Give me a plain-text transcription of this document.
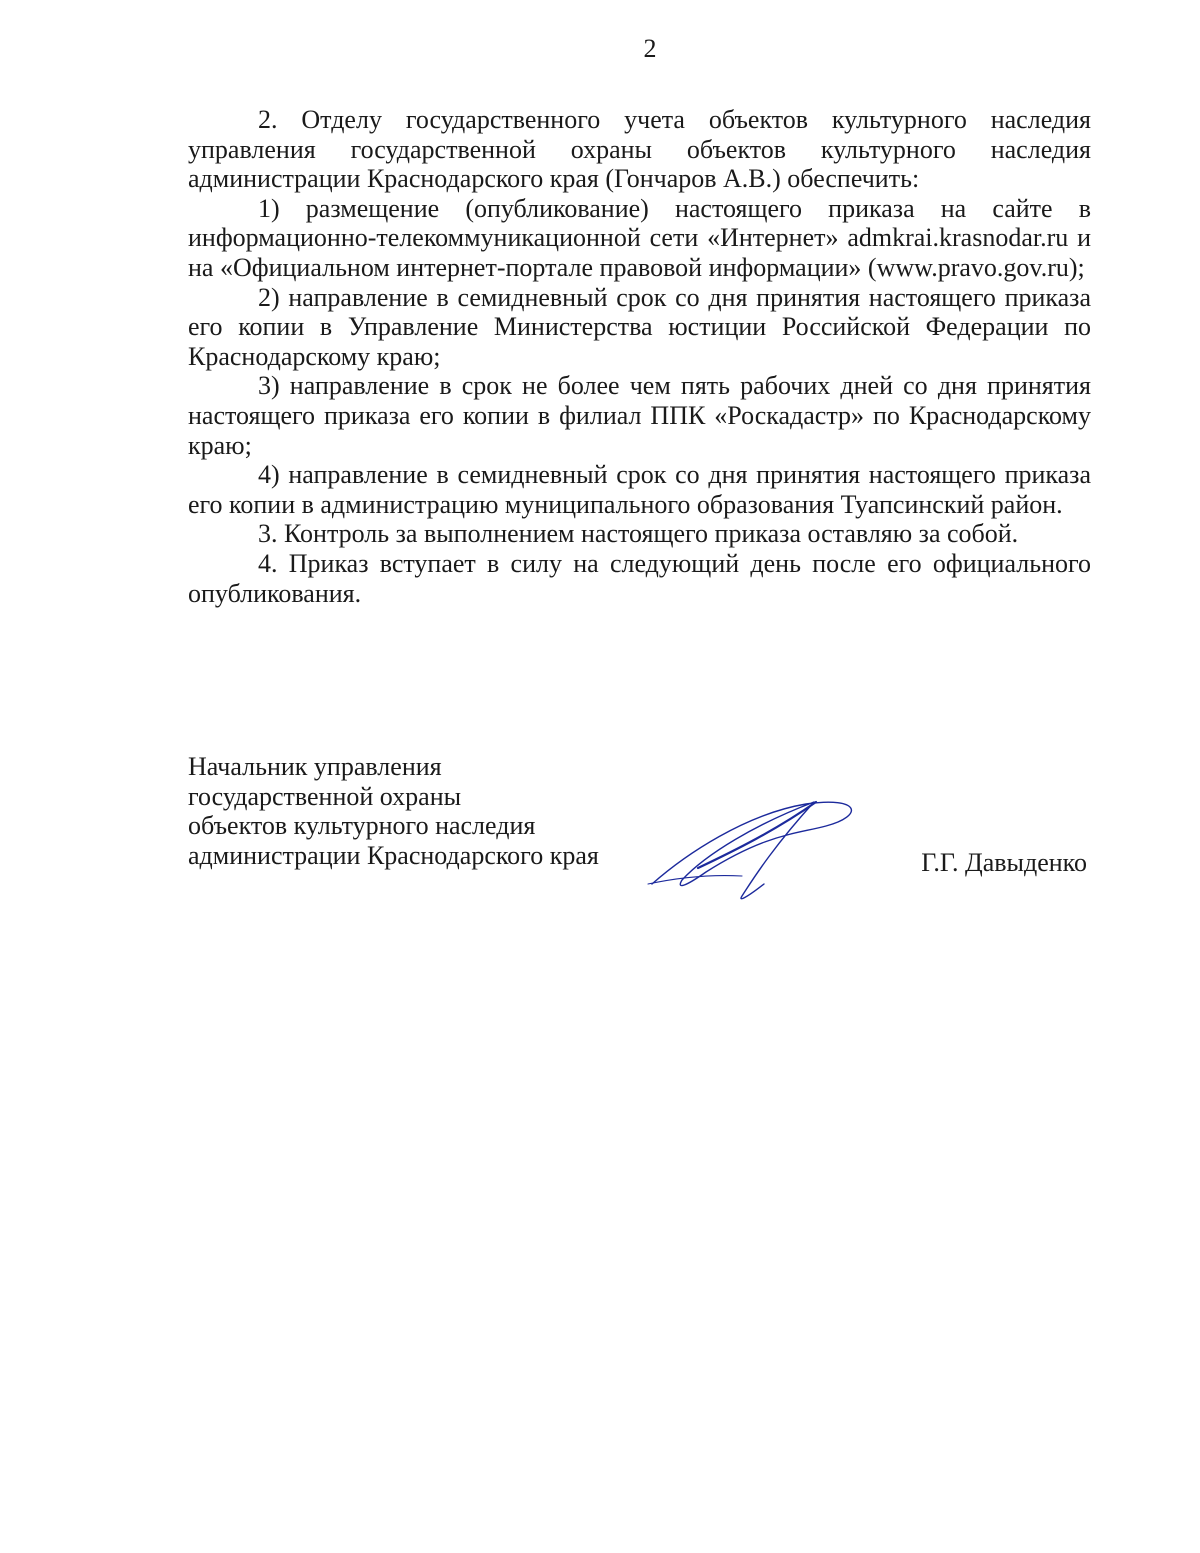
2

2. Отделу государственного учета объектов культурного наследия управления государственной охраны объектов культурного наследия администрации Краснодарского края (Гончаров А.В.) обеспечить:

1) размещение (опубликование) настоящего приказа на сайте в информационно-телекоммуникационной сети «Интернет» admkrai.krasnodar.ru и на «Официальном интернет-портале правовой информации» (www.pravo.gov.ru);

2) направление в семидневный срок со дня принятия настоящего приказа его копии в Управление Министерства юстиции Российской Федерации по Краснодарскому краю;

3) направление в срок не более чем пять рабочих дней со дня принятия настоящего приказа его копии в филиал ППК «Роскадастр» по Краснодарскому краю;

4) направление в семидневный срок со дня принятия настоящего приказа его копии в администрацию муниципального образования Туапсинский район.

3. Контроль за выполнением настоящего приказа оставляю за собой.

4. Приказ вступает в силу на следующий день после его официального опубликования.

Начальник управления
государственной охраны
объектов культурного наследия
администрации Краснодарского края	Г.Г. Давыденко
